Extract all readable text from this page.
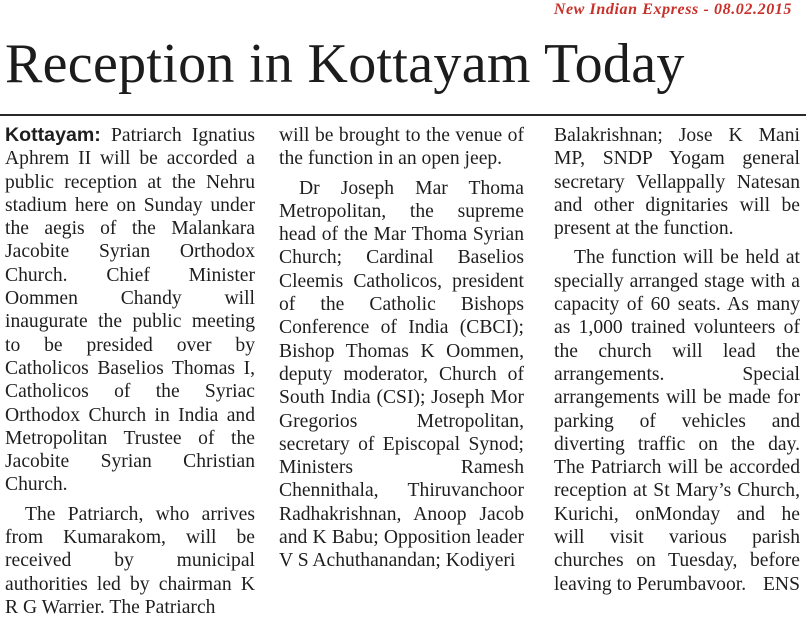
New Indian Express - 08.02.2015
Reception in Kottayam Today

Kottayam: Patriarch Ignatius Aphrem II will be accorded a public reception at the Nehru stadium here on Sunday under the aegis of the Malankara Jacobite Syrian Orthodox Church. Chief Minister Oommen Chandy will inaugurate the public meeting to be presided over by Catholicos Baselios Thomas I, Catholicos of the Syriac Orthodox Church in India and Metropolitan Trustee of the Jacobite Syrian Christian Church.

The Patriarch, who arrives from Kumarakom, will be received by municipal authorities led by chairman K R G Warrier. The Patriarch

will be brought to the venue of the function in an open jeep.

Dr Joseph Mar Thoma Metropolitan, the supreme head of the Mar Thoma Syrian Church; Cardinal Baselios Cleemis Catholicos, president of the Catholic Bishops Conference of India (CBCI); Bishop Thomas K Oommen, deputy moderator, Church of South India (CSI); Joseph Mor Gregorios Metropolitan, secretary of Episcopal Synod; Ministers Ramesh Chennithala, Thiruvanchoor Radhakrishnan, Anoop Jacob and K Babu; Opposition leader V S Achuthanandan; Kodiyeri

Balakrishnan; Jose K Mani MP, SNDP Yogam general secretary Vellappally Natesan and other dignitaries will be present at the function.

The function will be held at specially arranged stage with a capacity of 60 seats. As many as 1,000 trained volunteers of the church will lead the arrangements. Special arrangements will be made for parking of vehicles and diverting traffic on the day. The Patriarch will be accorded reception at St Mary’s Church, Kurichi, onMonday and he will visit various parish churches on Tuesday, before leaving to Perumbavoor. ENS
